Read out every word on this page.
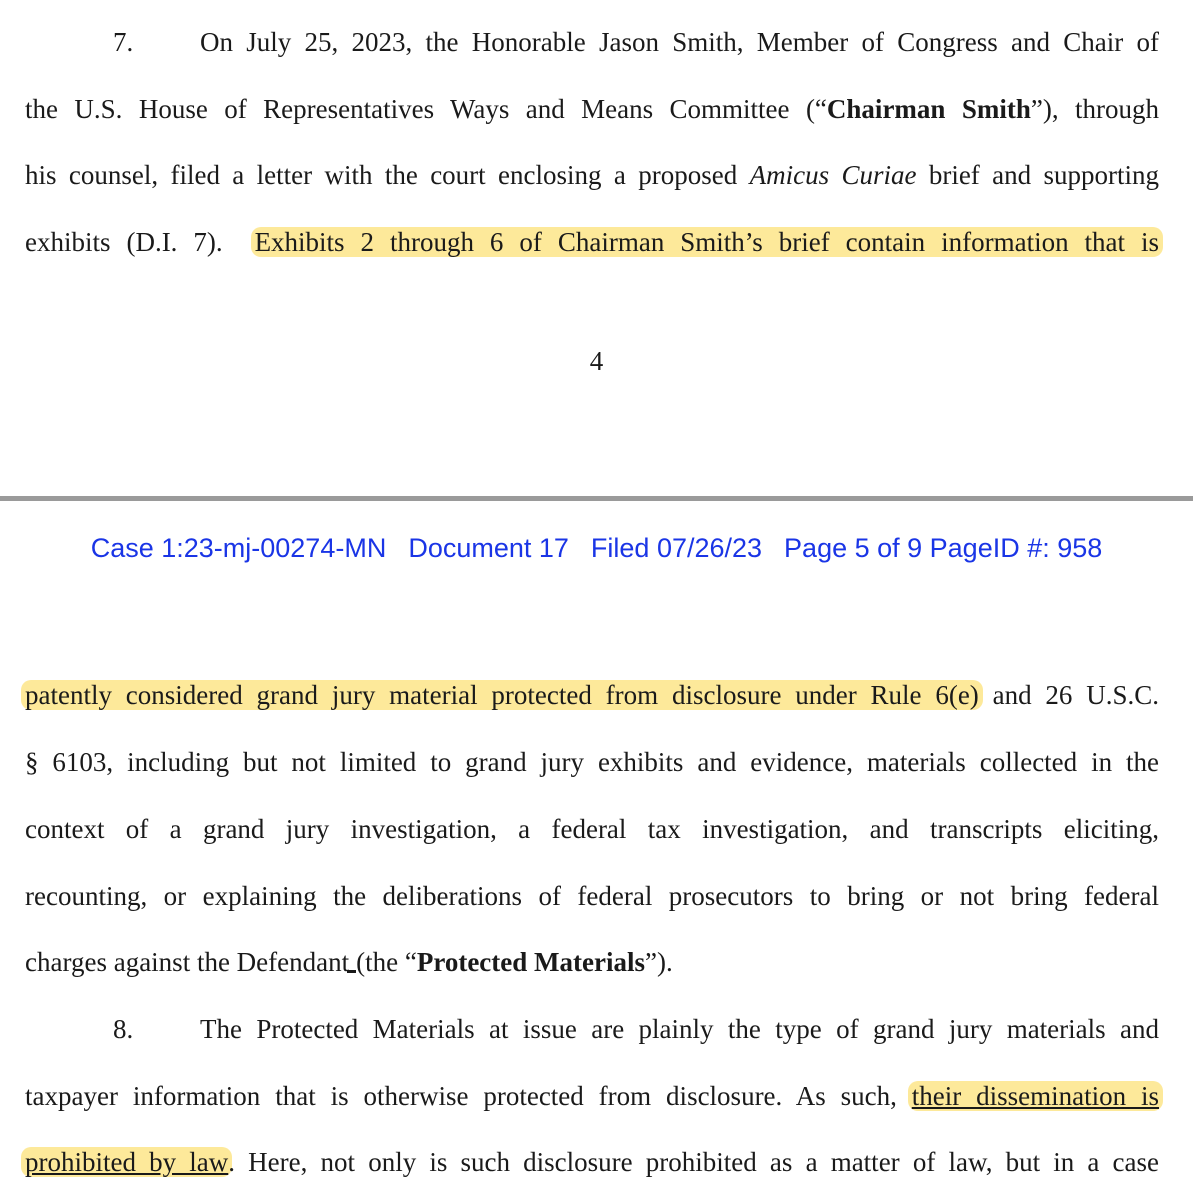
7. On July 25, 2023, the Honorable Jason Smith, Member of Congress and Chair of
the U.S. House of Representatives Ways and Means Committee (“Chairman Smith”), through
his counsel, filed a letter with the court enclosing a proposed Amicus Curiae brief and supporting
exhibits (D.I. 7). Exhibits 2 through 6 of Chairman Smith’s brief contain information that is
4
Case 1:23-mj-00274-MN Document 17 Filed 07/26/23 Page 5 of 9 PageID #: 958
patently considered grand jury material protected from disclosure under Rule 6(e) and 26 U.S.C.
§ 6103, including but not limited to grand jury exhibits and evidence, materials collected in the
context of a grand jury investigation, a federal tax investigation, and transcripts eliciting,
recounting, or explaining the deliberations of federal prosecutors to bring or not bring federal
charges against the Defendant (the “Protected Materials”).
8. The Protected Materials at issue are plainly the type of grand jury materials and
taxpayer information that is otherwise protected from disclosure. As such, their dissemination is
prohibited by law. Here, not only is such disclosure prohibited as a matter of law, but in a case
